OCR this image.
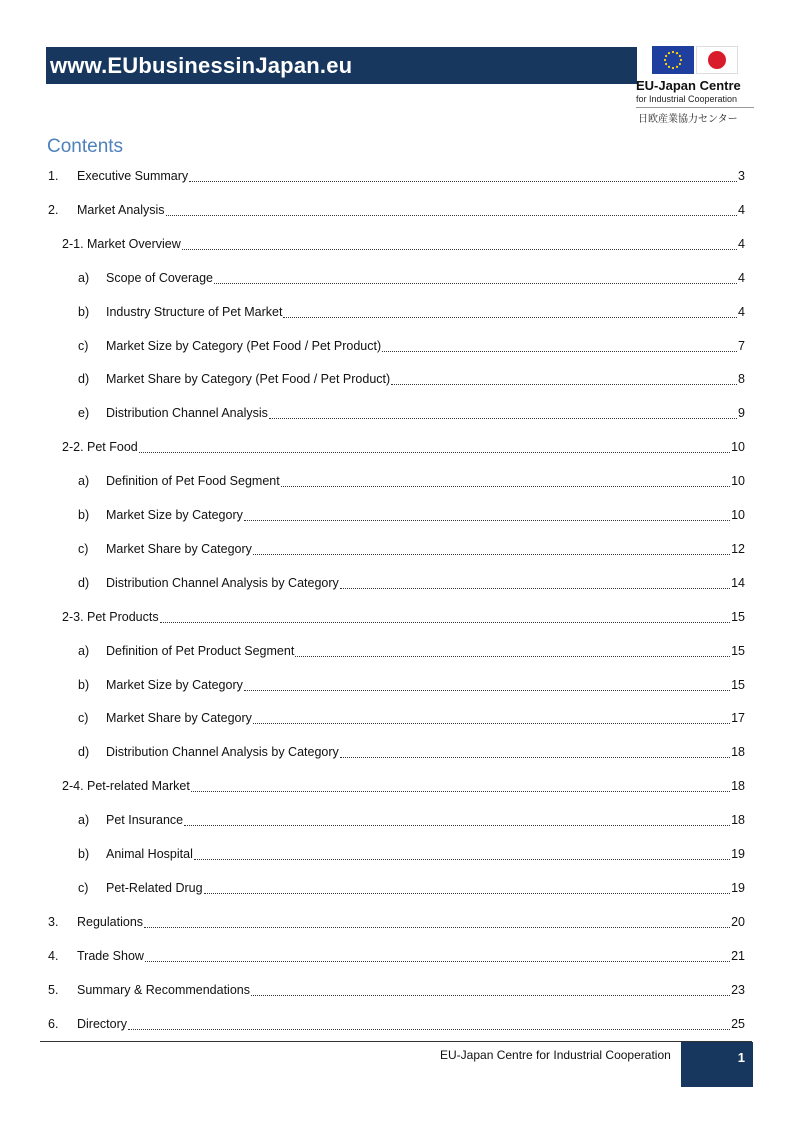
www.EUbusinessinJapan.eu
EU-Japan Centre
for Industrial Cooperation
日欧産業協力センター
Contents
1.	Executive Summary	3
2.	Market Analysis	4
2-1. Market Overview	4
a)	Scope of Coverage	4
b)	Industry Structure of Pet Market	4
c)	Market Size by Category (Pet Food / Pet Product)	7
d)	Market Share by Category (Pet Food / Pet Product)	8
e)	Distribution Channel Analysis	9
2-2. Pet Food	10
a)	Definition of Pet Food Segment	10
b)	Market Size by Category	10
c)	Market Share by Category	12
d)	Distribution Channel Analysis by Category	14
2-3. Pet Products	15
a)	Definition of Pet Product Segment	15
b)	Market Size by Category	15
c)	Market Share by Category	17
d)	Distribution Channel Analysis by Category	18
2-4. Pet-related Market	18
a)	Pet Insurance	18
b)	Animal Hospital	19
c)	Pet-Related Drug	19
3.	Regulations	20
4.	Trade Show	21
5.	Summary & Recommendations	23
6.	Directory	25
EU-Japan Centre for Industrial Cooperation	1
